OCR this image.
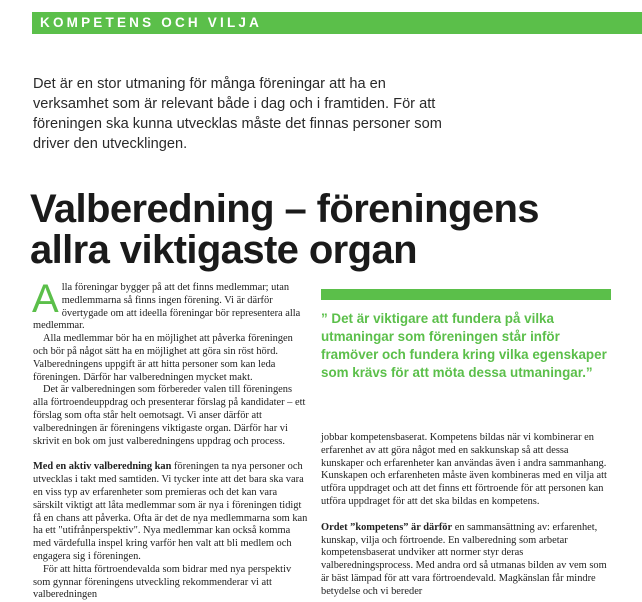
KOMPETENS OCH VILJA
Det är en stor utmaning för många föreningar att ha en verksamhet som är relevant både i dag och i framtiden. För att föreningen ska kunna utvecklas måste det finnas personer som driver den utvecklingen.
Valberedning – föreningens
allra viktigaste organ

Alla föreningar bygger på att det finns medlemmar; utan medlemmarna så finns ingen förening. Vi är därför övertygade om att ideella föreningar bör representera alla medlemmar.

Alla medlemmar bör ha en möjlighet att påverka föreningen och bör på något sätt ha en möjlighet att göra sin röst hörd. Valberedningens uppgift är att hitta personer som kan leda föreningen. Därför har valberedningen mycket makt.

Det är valberedningen som förbereder valen till föreningens alla förtroendeuppdrag och presenterar förslag på kandidater – ett förslag som ofta står helt oemotsagt. Vi anser därför att valberedningen är föreningens viktigaste organ. Därför har vi skrivit en bok om just valberedningens uppdrag och process.

Med en aktiv valberedning kan föreningen ta nya personer och utvecklas i takt med samtiden. Vi tycker inte att det bara ska vara en viss typ av erfarenheter som premieras och det kan vara särskilt viktigt att låta medlemmar som är nya i föreningen tidigt få en chans att påverka. Ofta är det de nya medlemmarna som kan ha ett "utifrånperspektiv". Nya medlemmar kan också komma med värdefulla inspel kring varför hen valt att bli medlem och engagera sig i föreningen.

För att hitta förtroendevalda som bidrar med nya perspektiv som gynnar föreningens utveckling rekommenderar vi att valberedningen

” Det är viktigare att fundera på vilka utmaningar som föreningen står inför framöver och fundera kring vilka egenskaper som krävs för att möta dessa utmaningar.”

jobbar kompetensbaserat. Kompetens bildas när vi kombinerar en erfarenhet av att göra något med en sakkunskap så att dessa kunskaper och erfarenheter kan användas även i andra sammanhang. Kunskapen och erfarenheten måste även kombineras med en vilja att utföra uppdraget och att det finns ett förtroende för att personen kan utföra uppdraget för att det ska bildas en kompetens.

Ordet ”kompetens” är därför en sammansättning av: erfarenhet, kunskap, vilja och förtroende. En valberedning som arbetar kompetensbaserat undviker att normer styr deras valberedningsprocess. Med andra ord så utmanas bilden av vem som är bäst lämpad för att vara förtroendevald. Magkänslan får mindre betydelse och vi bereder
